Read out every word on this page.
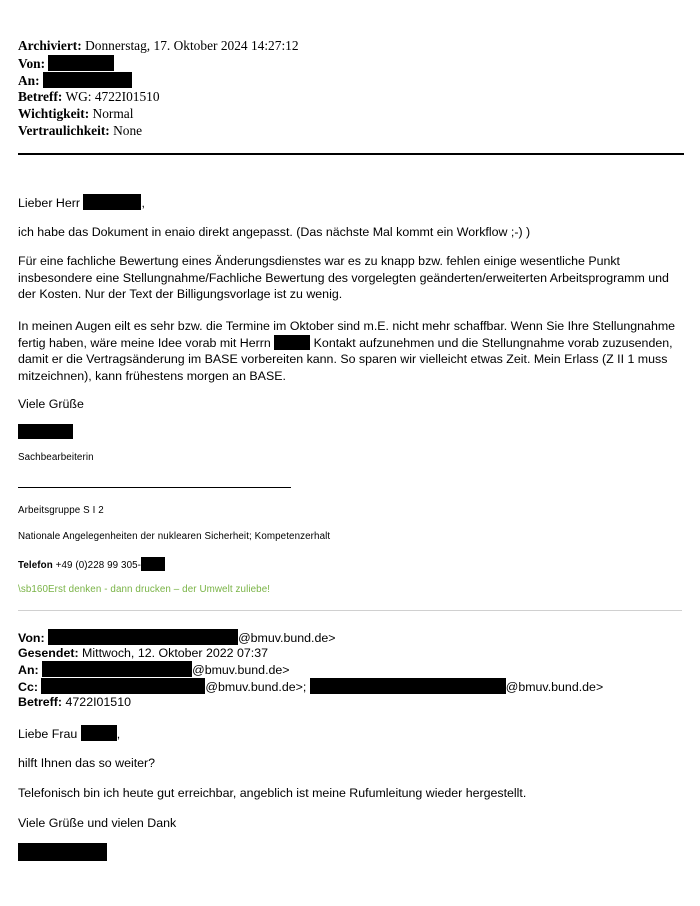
Archiviert: Donnerstag, 17. Oktober 2024 14:27:12
Von:
An:
Betreff: WG: 4722I01510
Wichtigkeit: Normal
Vertraulichkeit: None
Lieber Herr	,
ich habe das Dokument in enaio direkt angepasst. (Das nächste Mal kommt ein Workflow ;-) )
Für eine fachliche Bewertung eines Änderungsdienstes war es zu knapp bzw. fehlen einige wesentliche Punkt insbesondere eine Stellungnahme/Fachliche Bewertung des vorgelegten geänderten/erweiterten Arbeitsprogramm und der Kosten. Nur der Text der Billigungsvorlage ist zu wenig.
In meinen Augen eilt es sehr bzw. die Termine im Oktober sind m.E. nicht mehr schaffbar. Wenn Sie Ihre Stellungnahme fertig haben, wäre meine Idee vorab mit Herrn	Kontakt aufzunehmen und die Stellungnahme vorab zuzusenden, damit er die Vertragsänderung im BASE vorbereiten kann. So sparen wir vielleicht etwas Zeit. Mein Erlass (Z II 1 muss mitzeichnen), kann frühestens morgen an BASE.
Viele Grüße
Sachbearbeiterin
Arbeitsgruppe S I 2
Nationale Angelegenheiten der nuklearen Sicherheit; Kompetenzerhalt
Telefon +49 (0)228 99 305-
\sb160Erst denken - dann drucken – der Umwelt zuliebe!
Von:	@bmuv.bund.de>
Gesendet: Mittwoch, 12. Oktober 2022 07:37
An:	@bmuv.bund.de>
Cc:	@bmuv.bund.de>;	@bmuv.bund.de>
Betreff: 4722I01510
Liebe Frau	,
hilft Ihnen das so weiter?
Telefonisch bin ich heute gut erreichbar, angeblich ist meine Rufumleitung wieder hergestellt.
Viele Grüße und vielen Dank
